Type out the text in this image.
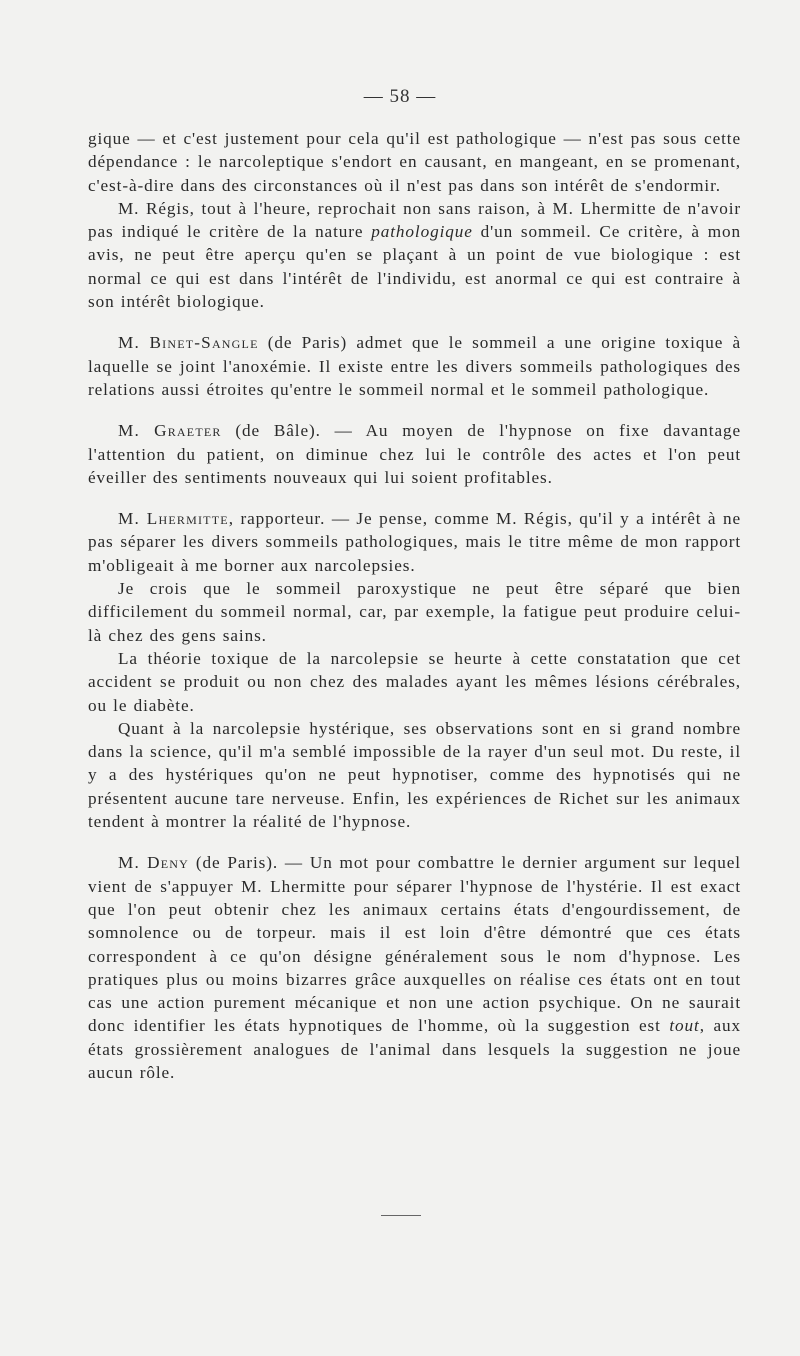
— 58 —

gique — et c'est justement pour cela qu'il est pathologique — n'est pas sous cette dépendance : le narcoleptique s'endort en causant, en mangeant, en se promenant, c'est-à-dire dans des circonstances où il n'est pas dans son intérêt de s'endormir.

M. Régis, tout à l'heure, reprochait non sans raison, à M. Lhermitte de n'avoir pas indiqué le critère de la nature pathologique d'un sommeil. Ce critère, à mon avis, ne peut être aperçu qu'en se plaçant à un point de vue biologique : est normal ce qui est dans l'intérêt de l'individu, est anormal ce qui est contraire à son intérêt biologique.

M. Binet-Sangle (de Paris) admet que le sommeil a une origine toxique à laquelle se joint l'anoxémie. Il existe entre les divers sommeils pathologiques des relations aussi étroites qu'entre le sommeil normal et le sommeil pathologique.

M. Graeter (de Bâle). — Au moyen de l'hypnose on fixe davantage l'attention du patient, on diminue chez lui le contrôle des actes et l'on peut éveiller des sentiments nouveaux qui lui soient profitables.

M. Lhermitte, rapporteur. — Je pense, comme M. Régis, qu'il y a intérêt à ne pas séparer les divers sommeils pathologiques, mais le titre même de mon rapport m'obligeait à me borner aux narcolepsies.

Je crois que le sommeil paroxystique ne peut être séparé que bien difficilement du sommeil normal, car, par exemple, la fatigue peut produire celui-là chez des gens sains.

La théorie toxique de la narcolepsie se heurte à cette constatation que cet accident se produit ou non chez des malades ayant les mêmes lésions cérébrales, ou le diabète.

Quant à la narcolepsie hystérique, ses observations sont en si grand nombre dans la science, qu'il m'a semblé impossible de la rayer d'un seul mot. Du reste, il y a des hystériques qu'on ne peut hypnotiser, comme des hypnotisés qui ne présentent aucune tare nerveuse. Enfin, les expériences de Richet sur les animaux tendent à montrer la réalité de l'hypnose.

M. Deny (de Paris). — Un mot pour combattre le dernier argument sur lequel vient de s'appuyer M. Lhermitte pour séparer l'hypnose de l'hystérie. Il est exact que l'on peut obtenir chez les animaux certains états d'engourdissement, de somnolence ou de torpeur. mais il est loin d'être démontré que ces états correspondent à ce qu'on désigne généralement sous le nom d'hypnose. Les pratiques plus ou moins bizarres grâce auxquelles on réalise ces états ont en tout cas une action purement mécanique et non une action psychique. On ne saurait donc identifier les états hypnotiques de l'homme, où la suggestion est tout, aux états grossièrement analogues de l'animal dans lesquels la suggestion ne joue aucun rôle.
